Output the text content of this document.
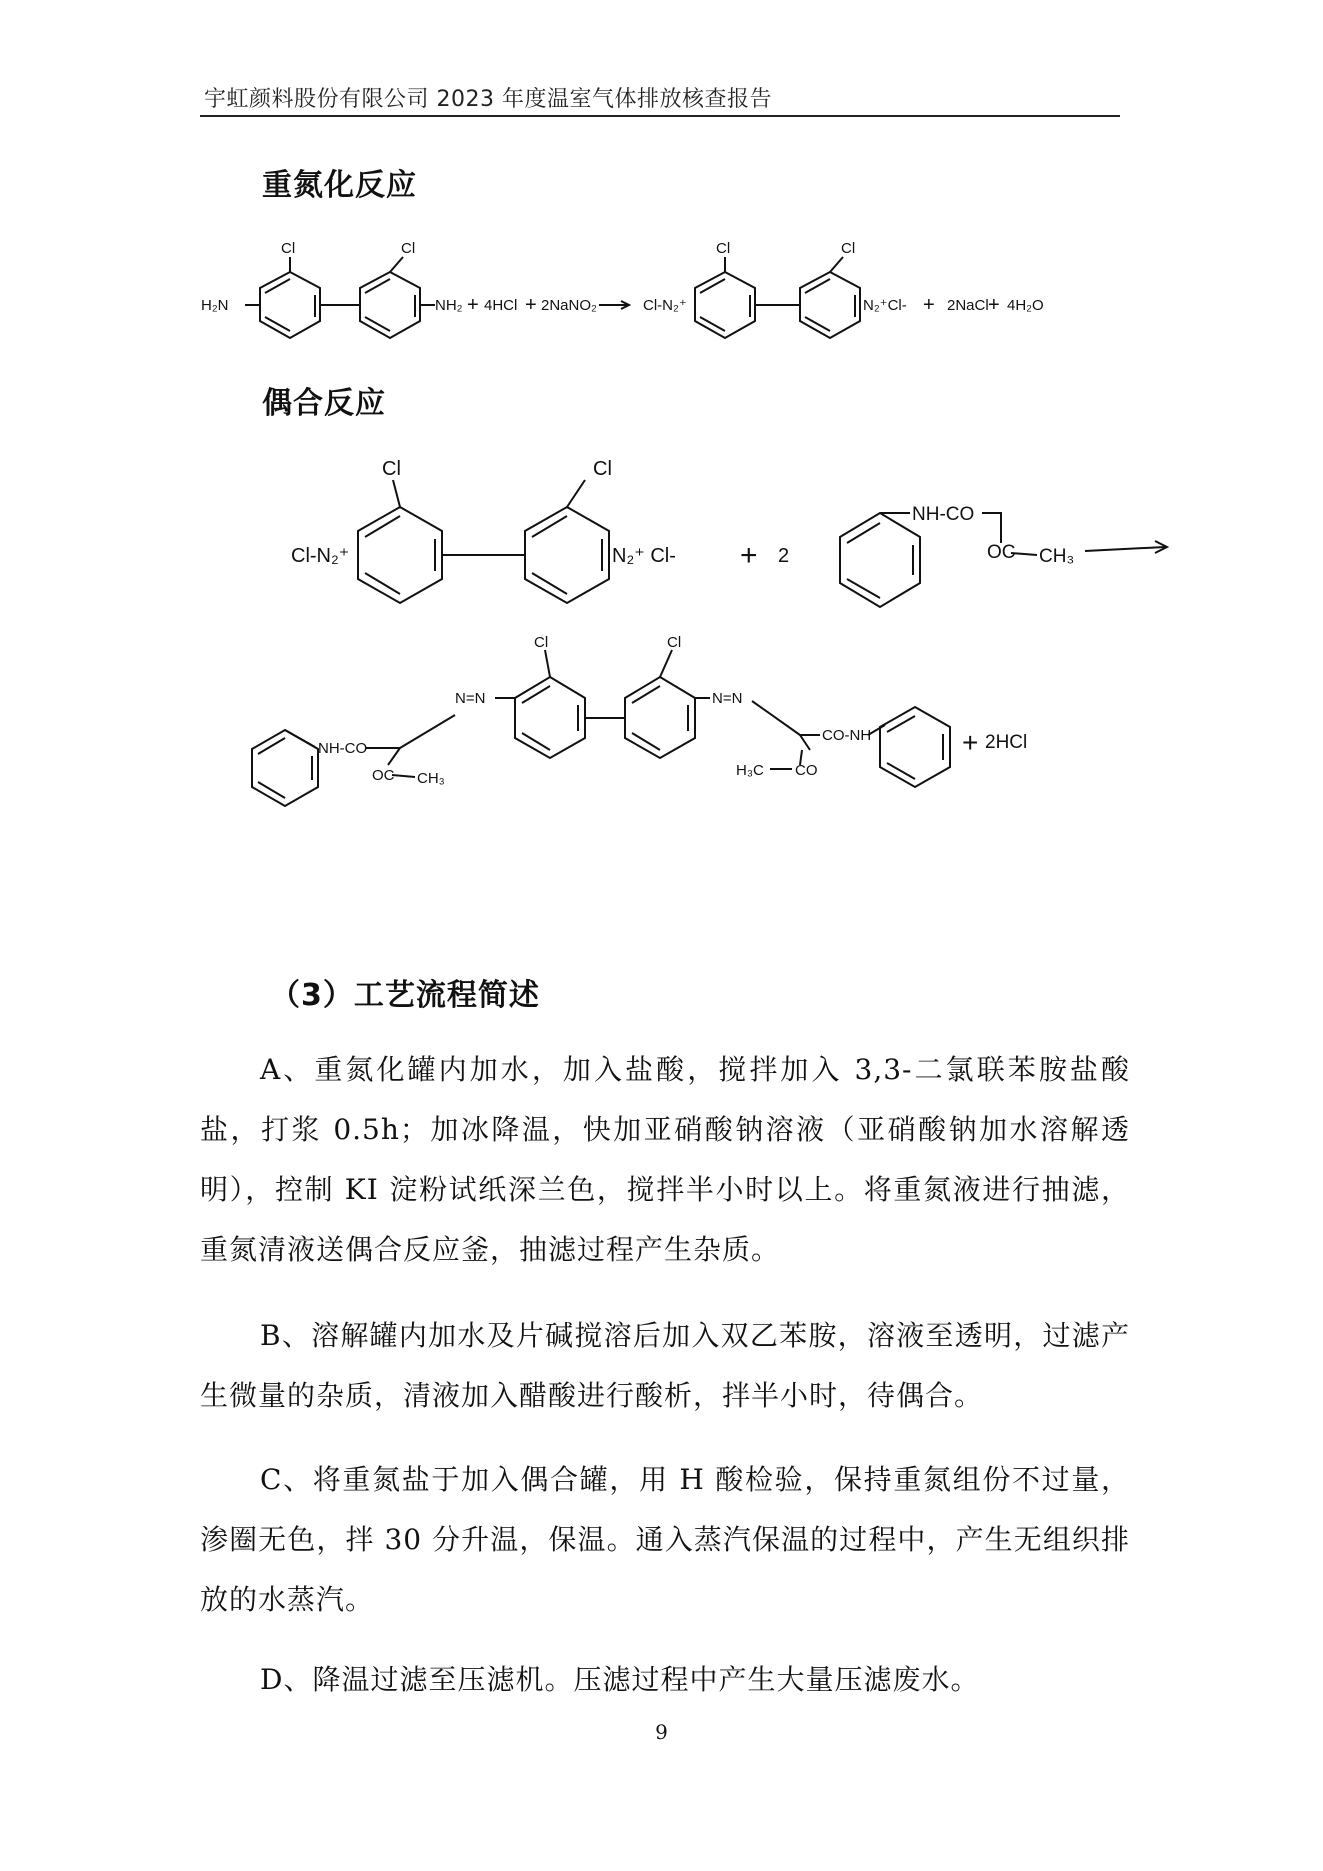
宇虹颜料股份有限公司 2023 年度温室气体排放核查报告
重氮化反应
Cl	Cl
H₂N	NH₂ + 4HCl + 2NaNO₂
Cl	Cl
Cl-N₂⁺	N₂⁺Cl- + 2NaCl + 4H₂O
偶合反应
Cl	Cl
Cl-N₂⁺	N₂⁺ Cl- + 2
NH-CO
OC CH₃
NH-CO
OC CH₃
N=N
Cl	Cl
N=N
CO-NH
H₃C CO
+ 2HCl
（3）工艺流程简述

A、重氮化罐内加水，加入盐酸，搅拌加入 3,3-二氯联苯胺盐酸盐，打浆 0.5h；加冰降温，快加亚硝酸钠溶液（亚硝酸钠加水溶解透明），控制 KI 淀粉试纸深兰色，搅拌半小时以上。将重氮液进行抽滤，重氮清液送偶合反应釜，抽滤过程产生杂质。

B、溶解罐内加水及片碱搅溶后加入双乙苯胺，溶液至透明，过滤产生微量的杂质，清液加入醋酸进行酸析，拌半小时，待偶合。

C、将重氮盐于加入偶合罐，用 H 酸检验，保持重氮组份不过量，渗圈无色，拌 30 分升温，保温。通入蒸汽保温的过程中，产生无组织排放的水蒸汽。

D、降温过滤至压滤机。压滤过程中产生大量压滤废水。

9
